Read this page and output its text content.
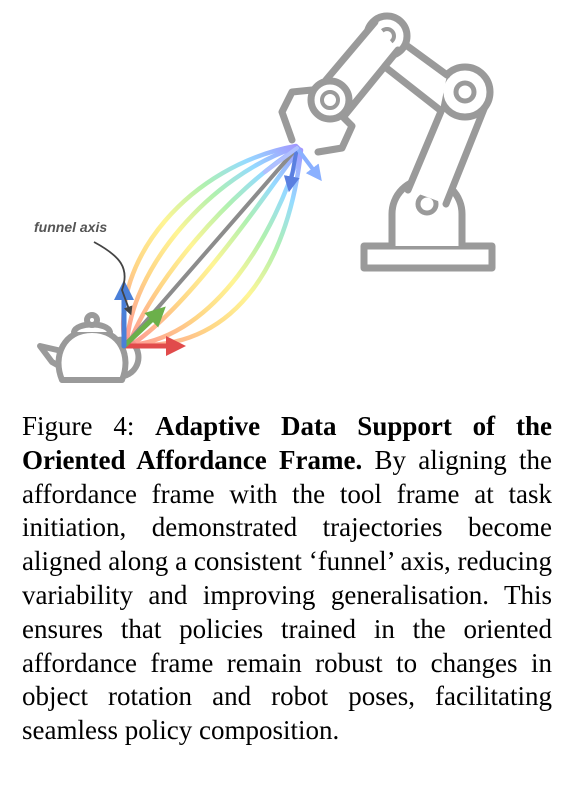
funnel axis

Figure 4: Adaptive Data Support of the Oriented Affordance Frame. By aligning the affordance frame with the tool frame at task initiation, demonstrated trajectories become aligned along a consistent ‘funnel’ axis, reducing variability and improving generalisation. This ensures that policies trained in the oriented affordance frame remain robust to changes in object rotation and robot poses, facilitating seamless policy composition.
